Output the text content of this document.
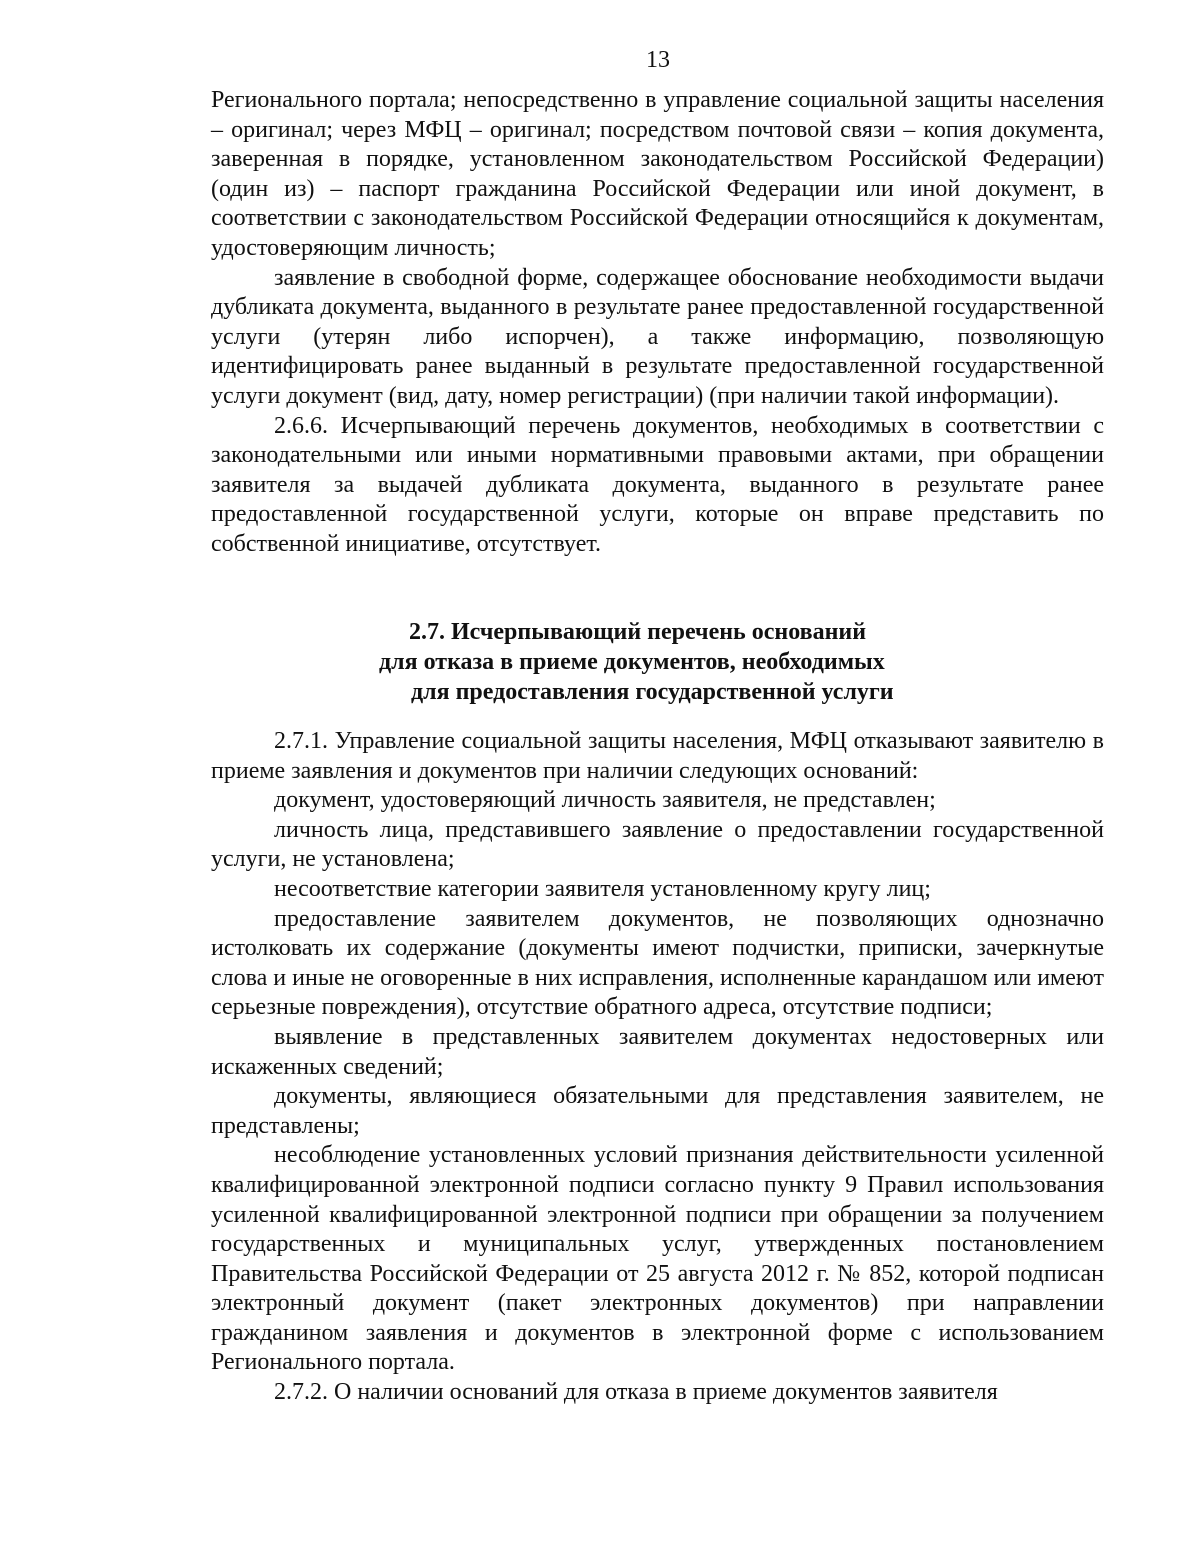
13

Регионального портала; непосредственно в управление социальной защиты населения – оригинал; через МФЦ – оригинал; посредством почтовой связи – копия документа, заверенная в порядке, установленном законодательством Российской Федерации) (один из) – паспорт гражданина Российской Федерации или иной документ, в соответствии с законодательством Российской Федерации относящийся к документам, удостоверяющим личность;

заявление в свободной форме, содержащее обоснование необходимости выдачи дубликата документа, выданного в результате ранее предоставленной государственной услуги (утерян либо испорчен), а также информацию, позволяющую идентифицировать ранее выданный в результате предоставленной государственной услуги документ (вид, дату, номер регистрации) (при наличии такой информации).

2.6.6. Исчерпывающий перечень документов, необходимых в соответствии с законодательными или иными нормативными правовыми актами, при обращении заявителя за выдачей дубликата документа, выданного в результате ранее предоставленной государственной услуги, которые он вправе представить по собственной инициативе, отсутствует.

2.7. Исчерпывающий перечень оснований
для отказа в приеме документов, необходимых
для предоставления государственной услуги

2.7.1. Управление социальной защиты населения, МФЦ отказывают заявителю в приеме заявления и документов при наличии следующих оснований:

документ, удостоверяющий личность заявителя, не представлен;

личность лица, представившего заявление о предоставлении государственной услуги, не установлена;

несоответствие категории заявителя установленному кругу лиц;

предоставление заявителем документов, не позволяющих однозначно истолковать их содержание (документы имеют подчистки, приписки, зачеркнутые слова и иные не оговоренные в них исправления, исполненные карандашом или имеют серьезные повреждения), отсутствие обратного адреса, отсутствие подписи;

выявление в представленных заявителем документах недостоверных или искаженных сведений;

документы, являющиеся обязательными для представления заявителем, не представлены;

несоблюдение установленных условий признания действительности усиленной квалифицированной электронной подписи согласно пункту 9 Правил использования усиленной квалифицированной электронной подписи при обращении за получением государственных и муниципальных услуг, утвержденных постановлением Правительства Российской Федерации от 25 августа 2012 г. № 852, которой подписан электронный документ (пакет электронных документов) при направлении гражданином заявления и документов в электронной форме с использованием Регионального портала.

2.7.2. О наличии оснований для отказа в приеме документов заявителя
